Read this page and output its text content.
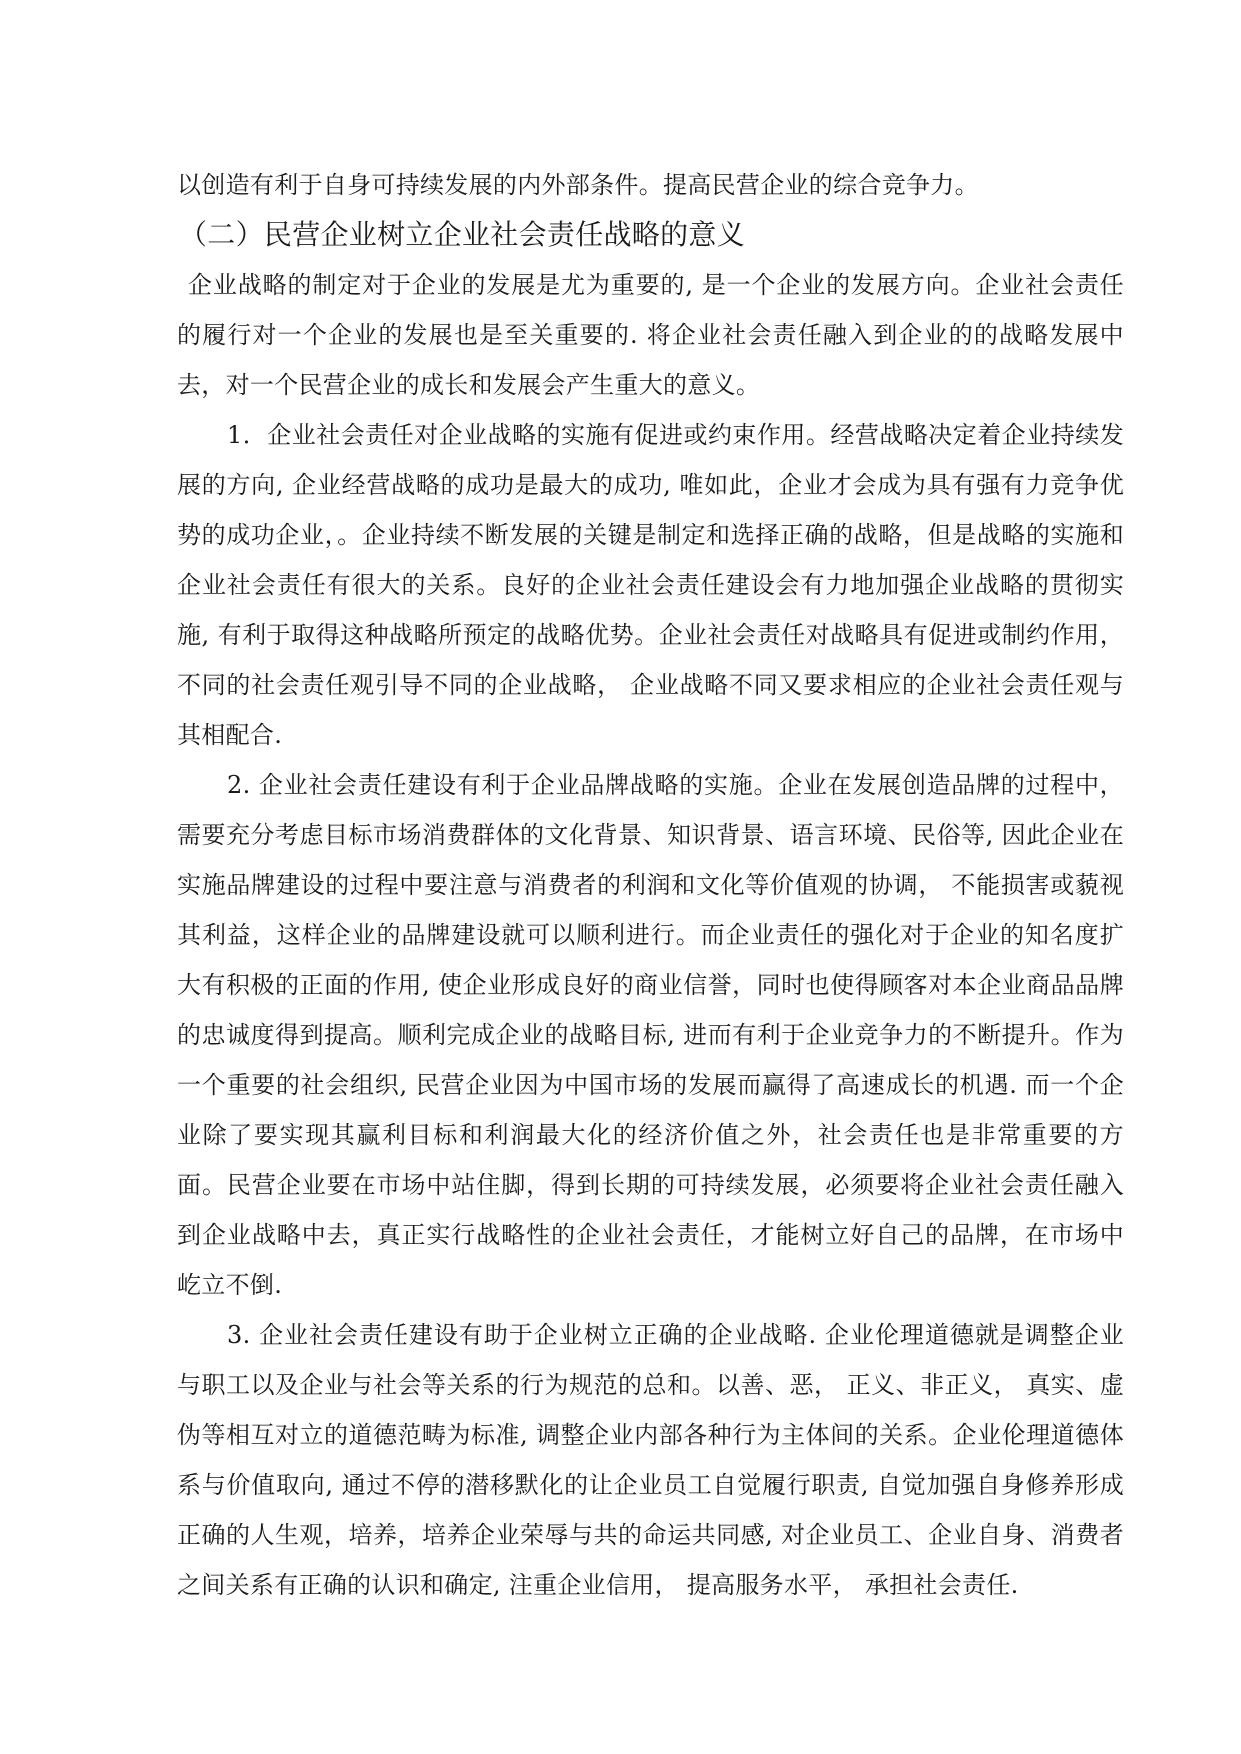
以创造有利于自身可持续发展的内外部条件。提高民营企业的综合竞争力。

（二）民营企业树立企业社会责任战略的意义

企业战略的制定对于企业的发展是尤为重要的, 是一个企业的发展方向。企业社会责任的履行对一个企业的发展也是至关重要的. 将企业社会责任融入到企业的的战略发展中去，对一个民营企业的成长和发展会产生重大的意义。

1．企业社会责任对企业战略的实施有促进或约束作用。经营战略决定着企业持续发展的方向, 企业经营战略的成功是最大的成功, 唯如此，企业才会成为具有强有力竞争优势的成功企业，。企业持续不断发展的关键是制定和选择正确的战略，但是战略的实施和企业社会责任有很大的关系。良好的企业社会责任建设会有力地加强企业战略的贯彻实施, 有利于取得这种战略所预定的战略优势。企业社会责任对战略具有促进或制约作用， 不同的社会责任观引导不同的企业战略， 企业战略不同又要求相应的企业社会责任观与其相配合.

2. 企业社会责任建设有利于企业品牌战略的实施。企业在发展创造品牌的过程中，需要充分考虑目标市场消费群体的文化背景、知识背景、语言环境、民俗等, 因此企业在实施品牌建设的过程中要注意与消费者的利润和文化等价值观的协调， 不能损害或藐视其利益，这样企业的品牌建设就可以顺利进行。而企业责任的强化对于企业的知名度扩大有积极的正面的作用, 使企业形成良好的商业信誉，同时也使得顾客对本企业商品品牌的忠诚度得到提高。顺利完成企业的战略目标, 进而有利于企业竞争力的不断提升。作为一个重要的社会组织, 民营企业因为中国市场的发展而赢得了高速成长的机遇. 而一个企业除了要实现其赢利目标和利润最大化的经济价值之外，社会责任也是非常重要的方面。民营企业要在市场中站住脚，得到长期的可持续发展，必须要将企业社会责任融入到企业战略中去，真正实行战略性的企业社会责任，才能树立好自己的品牌，在市场中屹立不倒.

3. 企业社会责任建设有助于企业树立正确的企业战略. 企业伦理道德就是调整企业与职工以及企业与社会等关系的行为规范的总和。以善、恶， 正义、非正义， 真实、虚伪等相互对立的道德范畴为标准, 调整企业内部各种行为主体间的关系。企业伦理道德体系与价值取向, 通过不停的潜移默化的让企业员工自觉履行职责, 自觉加强自身修养形成正确的人生观，培养，培养企业荣辱与共的命运共同感, 对企业员工、企业自身、消费者之间关系有正确的认识和确定, 注重企业信用， 提高服务水平， 承担社会责任.
